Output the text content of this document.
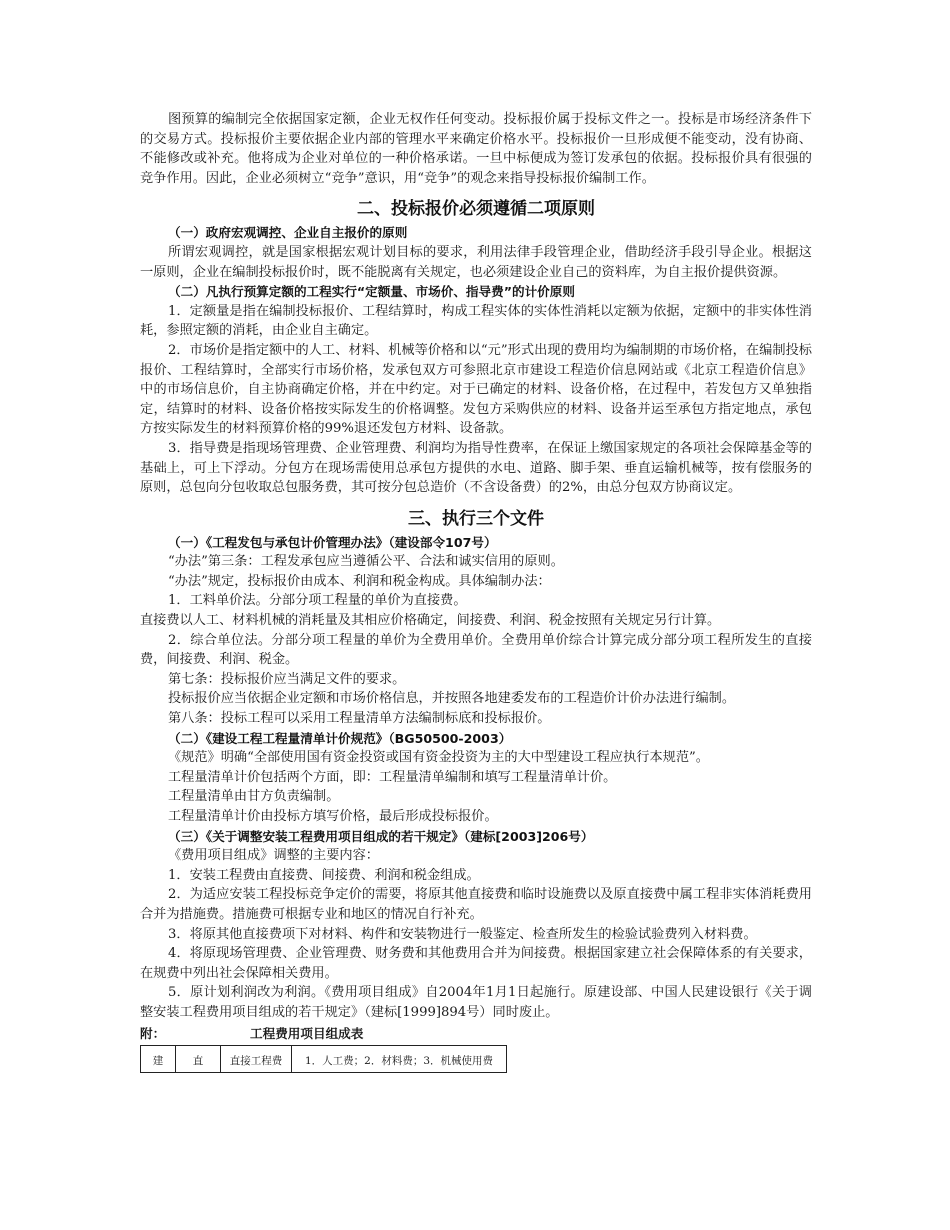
图预算的编制完全依据国家定额，企业无权作任何变动。投标报价属于投标文件之一。投标是市场经济条件下的交易方式。投标报价主要依据企业内部的管理水平来确定价格水平。投标报价一旦形成便不能变动，没有协商、不能修改或补充。他将成为企业对单位的一种价格承诺。一旦中标便成为签订发承包的依据。投标报价具有很强的竞争作用。因此，企业必须树立“竞争”意识，用“竞争”的观念来指导投标报价编制工作。

二、投标报价必须遵循二项原则
（一）政府宏观调控、企业自主报价的原则

所谓宏观调控，就是国家根据宏观计划目标的要求，利用法律手段管理企业，借助经济手段引导企业。根据这一原则，企业在编制投标报价时，既不能脱离有关规定，也必须建设企业自己的资料库，为自主报价提供资源。

（二）凡执行预算定额的工程实行“定额量、市场价、指导费”的计价原则

1．定额量是指在编制投标报价、工程结算时，构成工程实体的实体性消耗以定额为依据，定额中的非实体性消耗，参照定额的消耗，由企业自主确定。

2．市场价是指定额中的人工、材料、机械等价格和以“元”形式出现的费用均为编制期的市场价格，在编制投标报价、工程结算时，全部实行市场价格，发承包双方可参照北京市建设工程造价信息网站或《北京工程造价信息》中的市场信息价，自主协商确定价格，并在中约定。对于已确定的材料、设备价格，在过程中，若发包方又单独指定，结算时的材料、设备价格按实际发生的价格调整。发包方采购供应的材料、设备并运至承包方指定地点，承包方按实际发生的材料预算价格的99%退还发包方材料、设备款。

3．指导费是指现场管理费、企业管理费、利润均为指导性费率，在保证上缴国家规定的各项社会保障基金等的基础上，可上下浮动。分包方在现场需使用总承包方提供的水电、道路、脚手架、垂直运输机械等，按有偿服务的原则，总包向分包收取总包服务费，其可按分包总造价（不含设备费）的2%，由总分包双方协商议定。

三、执行三个文件
（一）《工程发包与承包计价管理办法》（建设部令107号）

“办法”第三条：工程发承包应当遵循公平、合法和诚实信用的原则。

“办法”规定，投标报价由成本、利润和税金构成。具体编制办法：

1．工料单价法。分部分项工程量的单价为直接费。

直接费以人工、材料机械的消耗量及其相应价格确定，间接费、利润、税金按照有关规定另行计算。

2．综合单位法。分部分项工程量的单价为全费用单价。全费用单价综合计算完成分部分项工程所发生的直接费，间接费、利润、税金。

第七条：投标报价应当满足文件的要求。

投标报价应当依据企业定额和市场价格信息，并按照各地建委发布的工程造价计价办法进行编制。

第八条：投标工程可以采用工程量清单方法编制标底和投标报价。

（二）《建设工程工程量清单计价规范》（BG50500-2003）

《规范》明确“全部使用国有资金投资或国有资金投资为主的大中型建设工程应执行本规范”。

工程量清单计价包括两个方面，即：工程量清单编制和填写工程量清单计价。

工程量清单由甘方负责编制。

工程量清单计价由投标方填写价格，最后形成投标报价。

（三）《关于调整安装工程费用项目组成的若干规定》（建标[2003]206号）

《费用项目组成》调整的主要内容：

1．安装工程费由直接费、间接费、利润和税金组成。

2．为适应安装工程投标竞争定价的需要，将原其他直接费和临时设施费以及原直接费中属工程非实体消耗费用合并为措施费。措施费可根据专业和地区的情况自行补充。

3．将原其他直接费项下对材料、构件和安装物进行一般鉴定、检查所发生的检验试验费列入材料费。

4．将原现场管理费、企业管理费、财务费和其他费用合并为间接费。根据国家建立社会保障体系的有关要求，在规费中列出社会保障相关费用。

5．原计划利润改为利润。《费用项目组成》自2004年1月1日起施行。原建设部、中国人民建设银行《关于调整安装工程费用项目组成的若干规定》（建标[1999]894号）同时废止。

附：	工程费用项目组成表
建	直	直接工程费	1．人工费；2．材料费；3．机械使用费
